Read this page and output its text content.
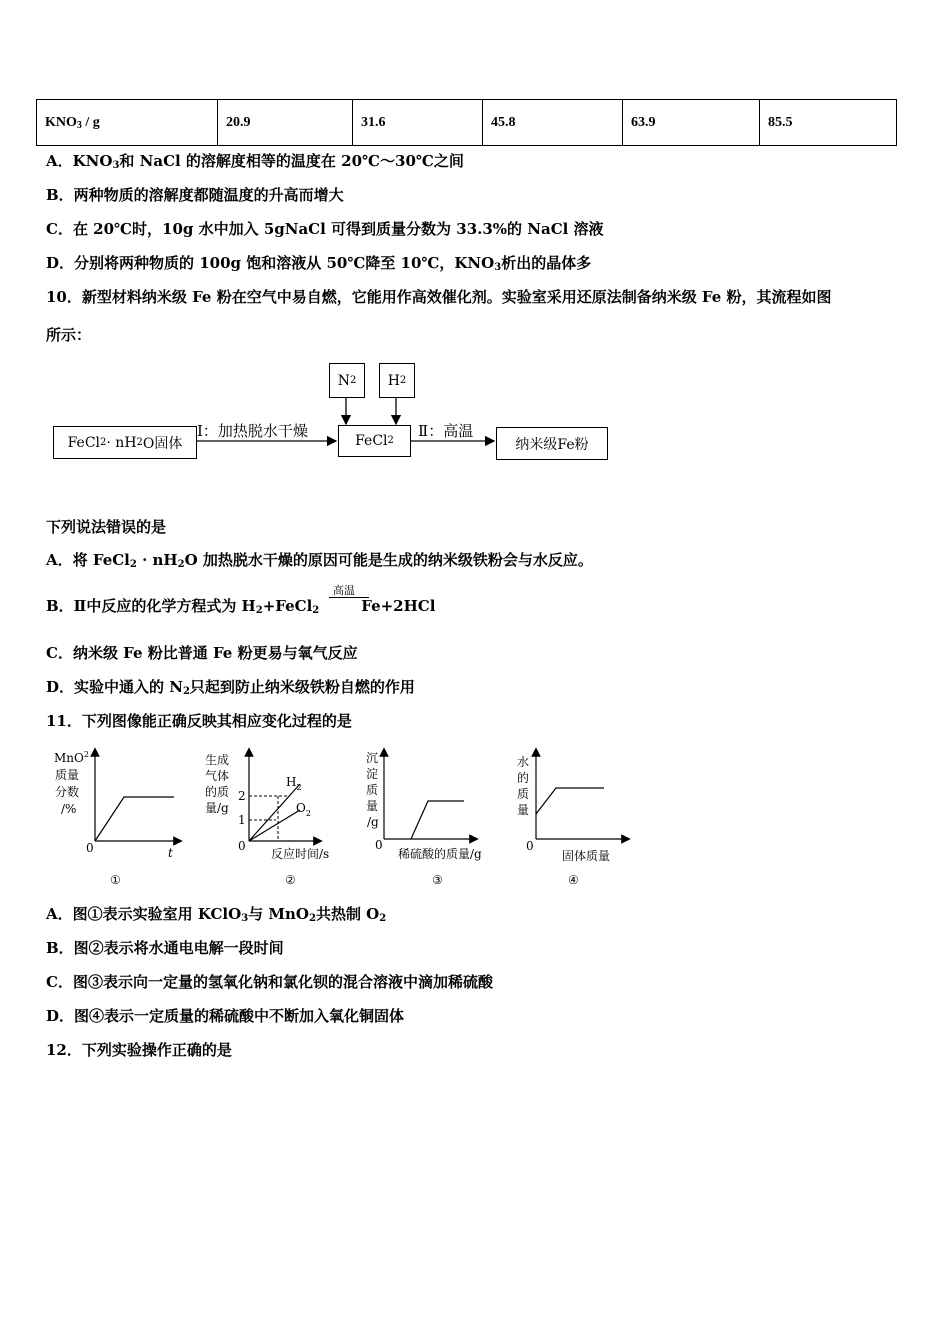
$KNO_3$ / g	20.9	31.6	45.8	63.9	85.5
A．$KNO_3$和 NaCl 的溶解度相等的温度在 20℃～30℃之间
B．两种物质的溶解度都随温度的升高而增大
C．在 20℃时，10g 水中加入 5gNaCl 可得到质量分数为 33.3%的 NaCl 溶液
D．分别将两种物质的 100g 饱和溶液从 50℃降至 10℃，$KNO_3$析出的晶体多
10．新型材料纳米级 Fe 粉在空气中易自燃，它能用作高效催化剂。实验室采用还原法制备纳米级 Fe 粉，其流程如图
所示：
FeCl 2 · nH 2 O固体
Ⅰ：加热脱水干燥
FeCl 2
N 2 H 2
Ⅱ：高温
纳米级Fe粉
下列说法错误的是
A．将 FeCl$_2$ · $nH_2O$ 加热脱水干燥的原因可能是生成的纳米级铁粉会与水反应。
B．Ⅱ中反应的化学方程式为 $H_2+FeCl_2$	Fe+2HCl
高温
C．纳米级 Fe 粉比普通 Fe 粉更易与氧气反应
D．实验中通入的 $N_2$只起到防止纳米级铁粉自燃的作用
11．下列图像能正确反映其相应变化过程的是
MnO$^2$
质量
分数
/%
0	t
①
生成
气体
的质
量/g
2
1
0
$H_2$
$O_2$
反应时间/s
②
沉
淀
质
量
/g
0
稀硫酸的质量/g
③
水
的
质
量
0
固体质量
④
A．图①表示实验室用 KClO$_3$与 MnO$_2$共热制 $O_2$
B．图②表示将水通电电解一段时间
C．图③表示向一定量的氢氧化钠和氯化钡的混合溶液中滴加稀硫酸
D．图④表示一定质量的稀硫酸中不断加入氧化铜固体
12．下列实验操作正确的是
